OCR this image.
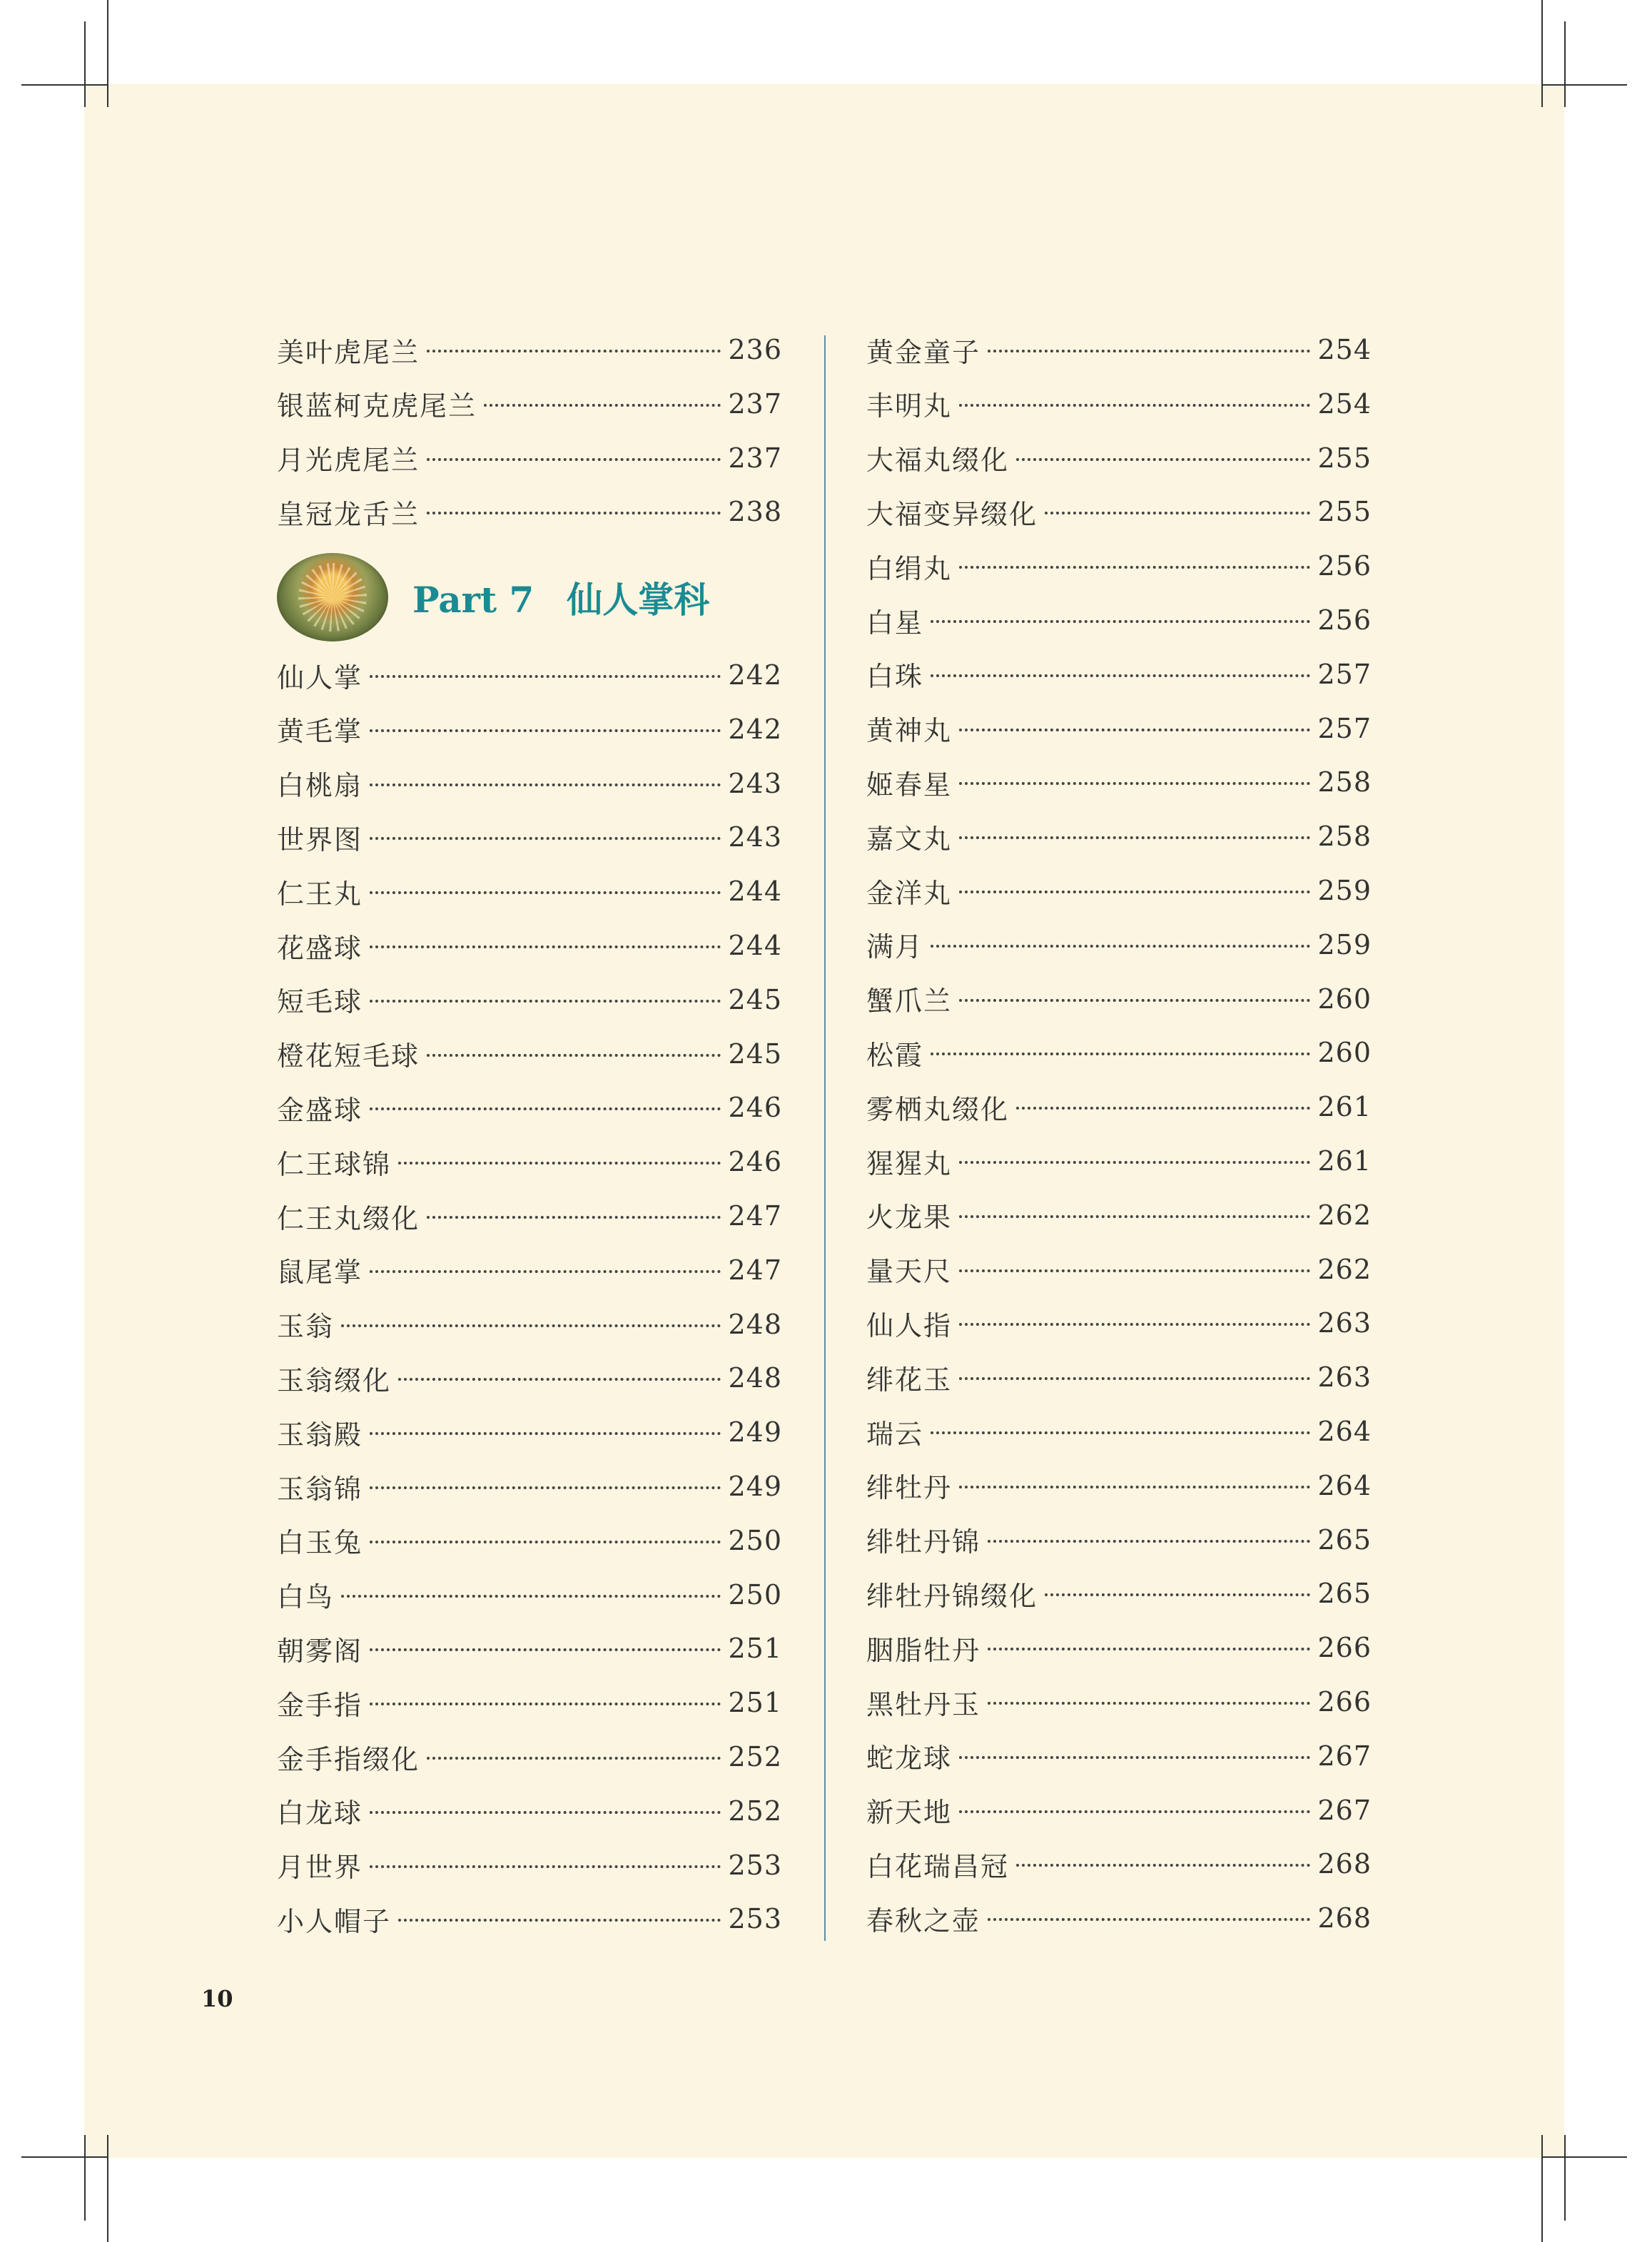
美叶虎尾兰	236
银蓝柯克虎尾兰	237
月光虎尾兰	237
皇冠龙舌兰	238
Part 7 仙人掌科
仙人掌	242
黄毛掌	242
白桃扇	243
世界图	243
仁王丸	244
花盛球	244
短毛球	245
橙花短毛球	245
金盛球	246
仁王球锦	246
仁王丸缀化	247
鼠尾掌	247
玉翁	248
玉翁缀化	248
玉翁殿	249
玉翁锦	249
白玉兔	250
白鸟	250
朝雾阁	251
金手指	251
金手指缀化	252
白龙球	252
月世界	253
小人帽子	253
黄金童子	254
丰明丸	254
大福丸缀化	255
大福变异缀化	255
白绢丸	256
白星	256
白珠	257
黄神丸	257
姬春星	258
嘉文丸	258
金洋丸	259
满月	259
蟹爪兰	260
松霞	260
雾栖丸缀化	261
猩猩丸	261
火龙果	262
量天尺	262
仙人指	263
绯花玉	263
瑞云	264
绯牡丹	264
绯牡丹锦	265
绯牡丹锦缀化	265
胭脂牡丹	266
黑牡丹玉	266
蛇龙球	267
新天地	267
白花瑞昌冠	268
春秋之壶	268
10
